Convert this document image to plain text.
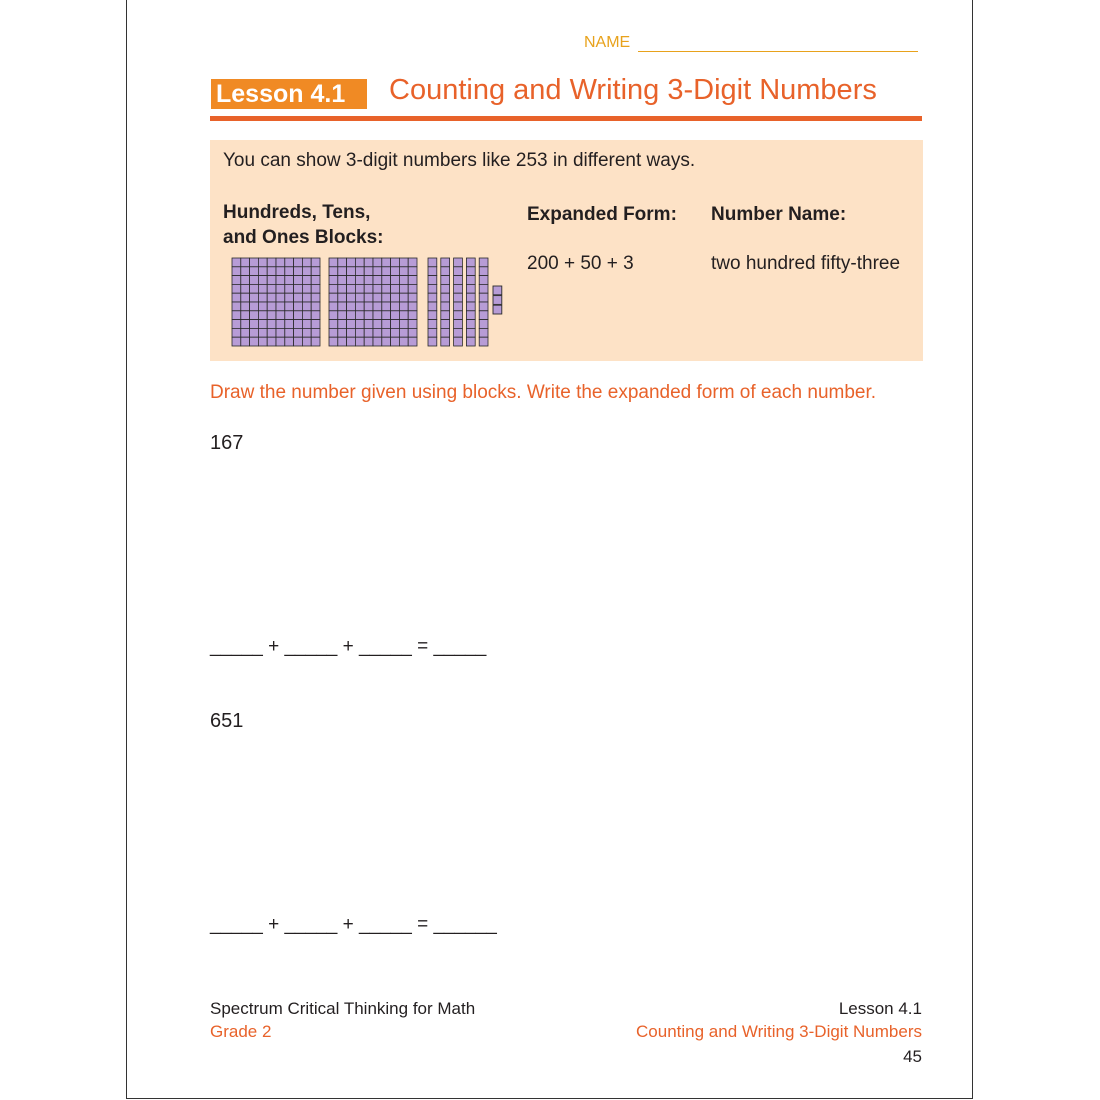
NAME
Lesson 4.1	Counting and Writing 3-Digit Numbers
You can show 3-digit numbers like 253 in different ways.
Hundreds, Tens,
and Ones Blocks:
Expanded Form: Number Name:
200 + 50 + 3	two hundred fifty-three
Draw the number given using blocks. Write the expanded form of each number.
167
_____ + _____ + _____ = _____
651
_____ + _____ + _____ = ______
Spectrum Critical Thinking for Math
Grade 2
Lesson 4.1
Counting and Writing 3-Digit Numbers
45
